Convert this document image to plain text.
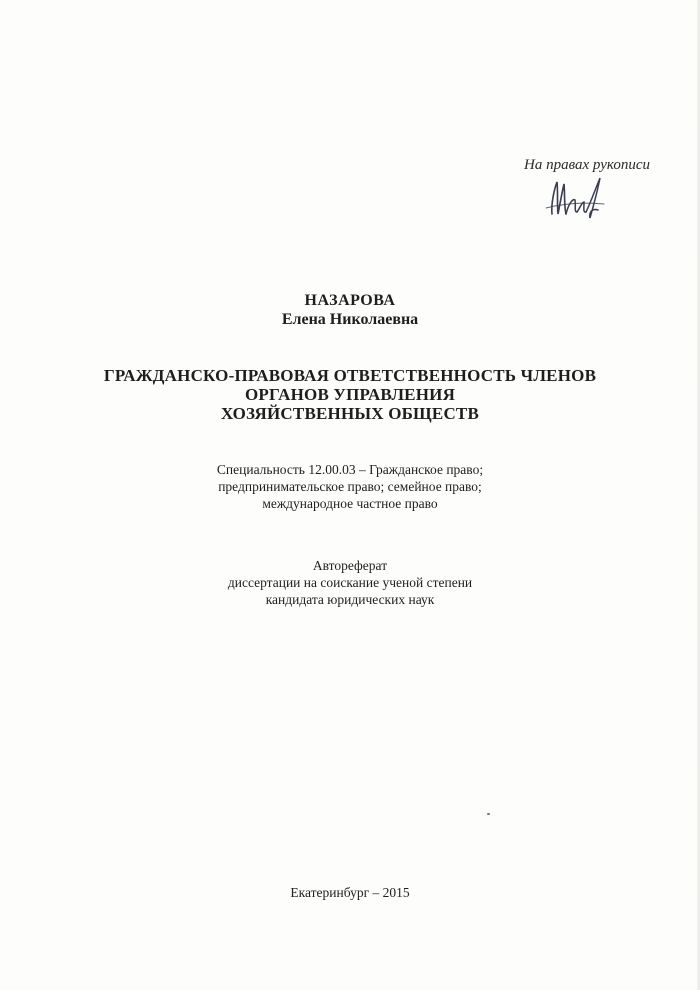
На правах рукописи
НАЗАРОВА
Елена Николаевна
ГРАЖДАНСКО-ПРАВОВАЯ ОТВЕТСТВЕННОСТЬ ЧЛЕНОВ
ОРГАНОВ УПРАВЛЕНИЯ
ХОЗЯЙСТВЕННЫХ ОБЩЕСТВ
Специальность 12.00.03 – Гражданское право;
предпринимательское право; семейное право;
международное частное право
Автореферат
диссертации на соискание ученой степени
кандидата юридических наук
Екатеринбург – 2015
